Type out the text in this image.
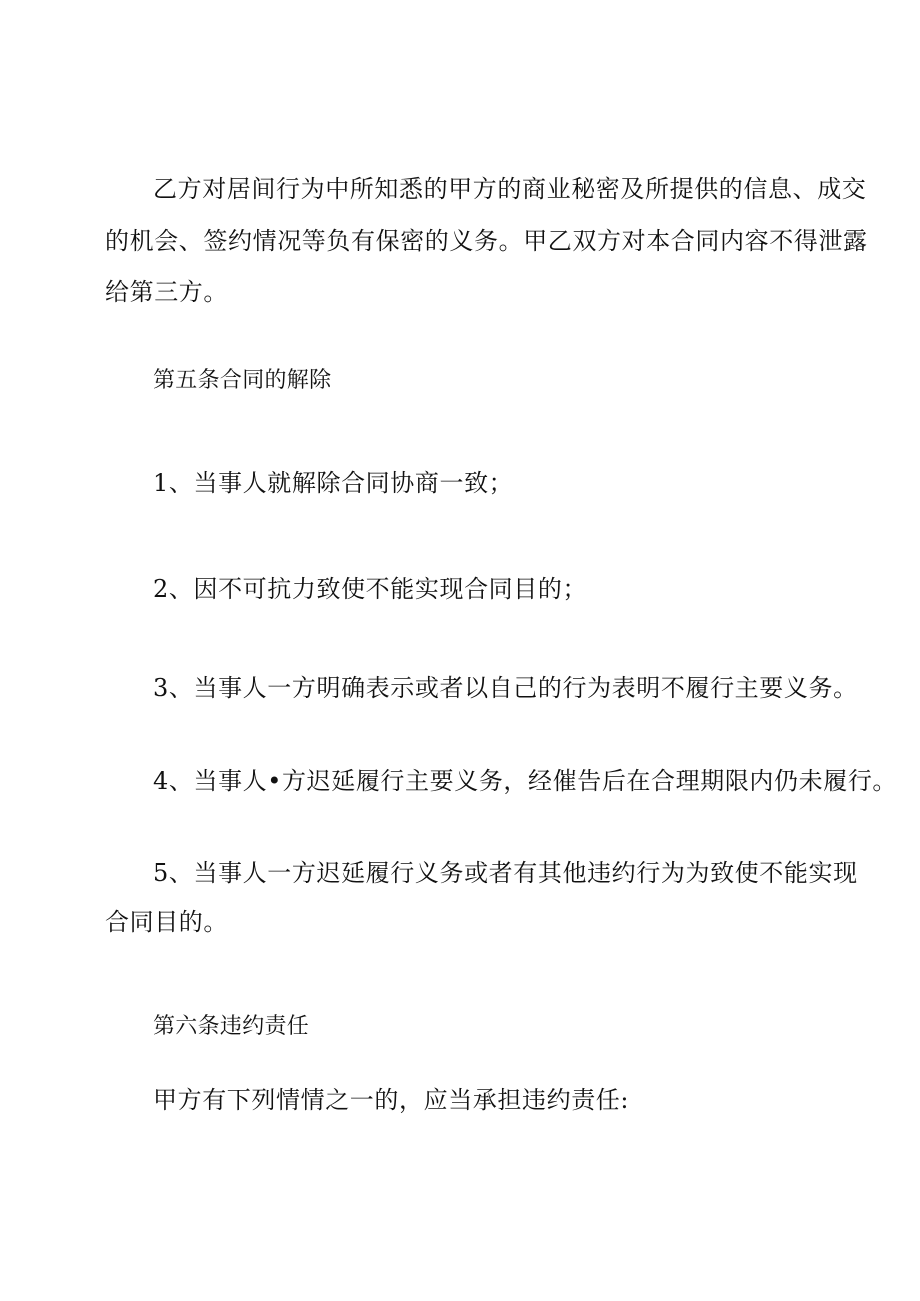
乙方对居间行为中所知悉的甲方的商业秘密及所提供的信息、成交

的机会、签约情况等负有保密的义务。甲乙双方对本合同内容不得泄露

给第三方。

第五条合同的解除

1、当事人就解除合同协商一致；

2、因不可抗力致使不能实现合同目的；

3、当事人一方明确表示或者以自己的行为表明不履行主要义务。

4、当事人•方迟延履行主要义务，经催告后在合理期限内仍未履行。

5、当事人一方迟延履行义务或者有其他违约行为为致使不能实现

合同目的。

第六条违约责任

甲方有下列情情之一的，应当承担违约责任:
